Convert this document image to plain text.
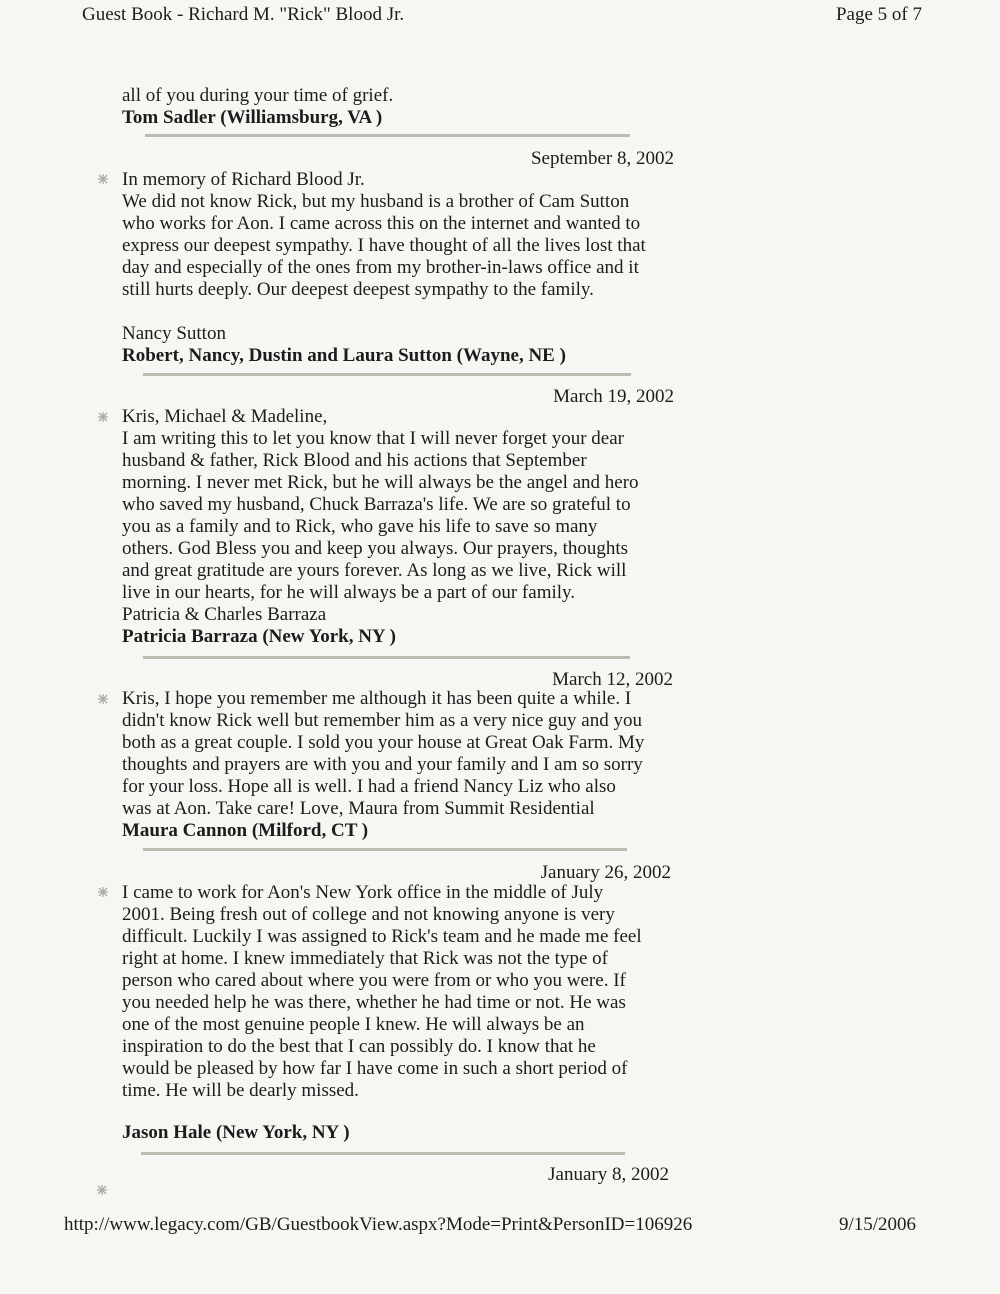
Guest Book - Richard M. "Rick" Blood Jr.	Page 5 of 7
all of you during your time of grief.
Tom Sadler (Williamsburg, VA )
September 8, 2002
In memory of Richard Blood Jr.
We did not know Rick, but my husband is a brother of Cam Sutton
who works for Aon. I came across this on the internet and wanted to
express our deepest sympathy. I have thought of all the lives lost that
day and especially of the ones from my brother-in-laws office and it
still hurts deeply. Our deepest deepest sympathy to the family.
Nancy Sutton
Robert, Nancy, Dustin and Laura Sutton (Wayne, NE )
March 19, 2002
Kris, Michael & Madeline,
I am writing this to let you know that I will never forget your dear
husband & father, Rick Blood and his actions that September
morning. I never met Rick, but he will always be the angel and hero
who saved my husband, Chuck Barraza's life. We are so grateful to
you as a family and to Rick, who gave his life to save so many
others. God Bless you and keep you always. Our prayers, thoughts
and great gratitude are yours forever. As long as we live, Rick will
live in our hearts, for he will always be a part of our family.
Patricia & Charles Barraza
Patricia Barraza (New York, NY )
March 12, 2002
Kris, I hope you remember me although it has been quite a while. I
didn't know Rick well but remember him as a very nice guy and you
both as a great couple. I sold you your house at Great Oak Farm. My
thoughts and prayers are with you and your family and I am so sorry
for your loss. Hope all is well. I had a friend Nancy Liz who also
was at Aon. Take care! Love, Maura from Summit Residential
Maura Cannon (Milford, CT )
January 26, 2002
I came to work for Aon's New York office in the middle of July
2001. Being fresh out of college and not knowing anyone is very
difficult. Luckily I was assigned to Rick's team and he made me feel
right at home. I knew immediately that Rick was not the type of
person who cared about where you were from or who you were. If
you needed help he was there, whether he had time or not. He was
one of the most genuine people I knew. He will always be an
inspiration to do the best that I can possibly do. I know that he
would be pleased by how far I have come in such a short period of
time. He will be dearly missed.
Jason Hale (New York, NY )
January 8, 2002
http://www.legacy.com/GB/GuestbookView.aspx?Mode=Print&PersonID=106926	9/15/2006
